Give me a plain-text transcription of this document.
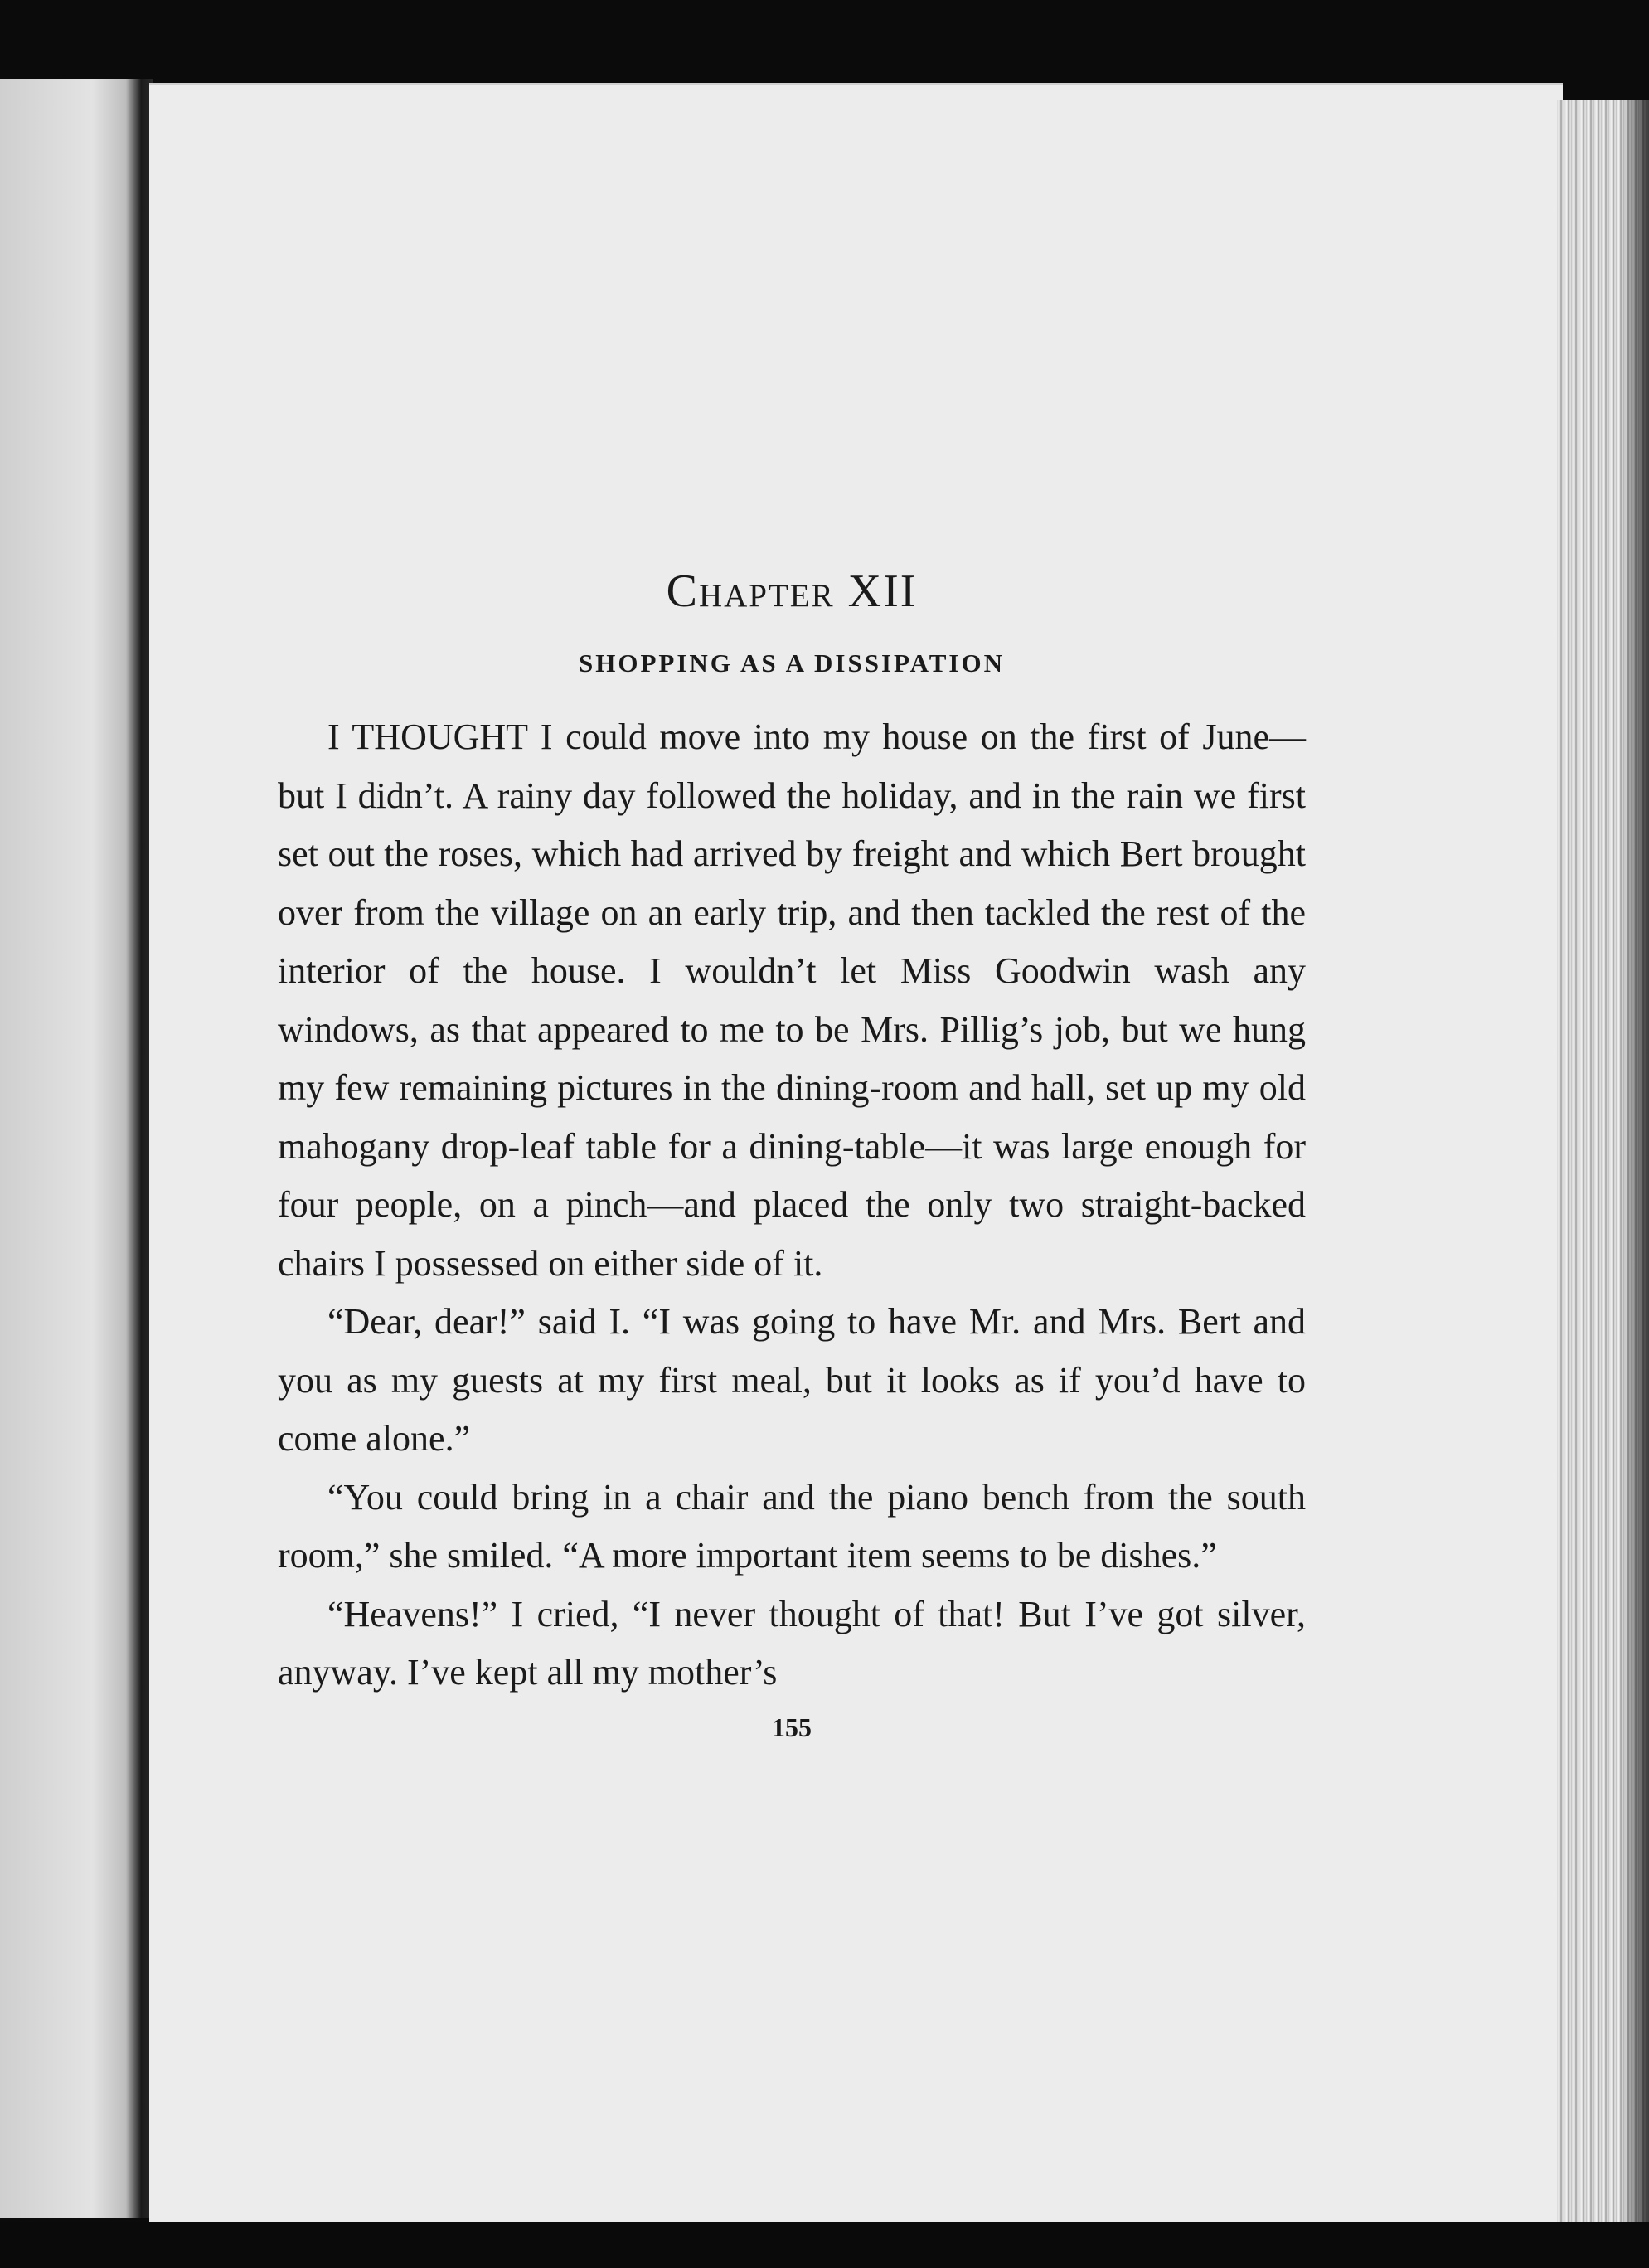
Chapter XII
SHOPPING AS A DISSIPATION

I THOUGHT I could move into my house on the first of June—but I didn’t. A rainy day followed the holiday, and in the rain we first set out the roses, which had arrived by freight and which Bert brought over from the village on an early trip, and then tackled the rest of the interior of the house. I wouldn’t let Miss Goodwin wash any windows, as that appeared to me to be Mrs. Pillig’s job, but we hung my few remaining pictures in the dining-room and hall, set up my old mahogany drop-leaf table for a dining-table—it was large enough for four people, on a pinch—and placed the only two straight-backed chairs I possessed on either side of it.

“Dear, dear!” said I. “I was going to have Mr. and Mrs. Bert and you as my guests at my first meal, but it looks as if you’d have to come alone.”

“You could bring in a chair and the piano bench from the south room,” she smiled. “A more important item seems to be dishes.”

“Heavens!” I cried, “I never thought of that! But I’ve got silver, anyway. I’ve kept all my mother’s

155
